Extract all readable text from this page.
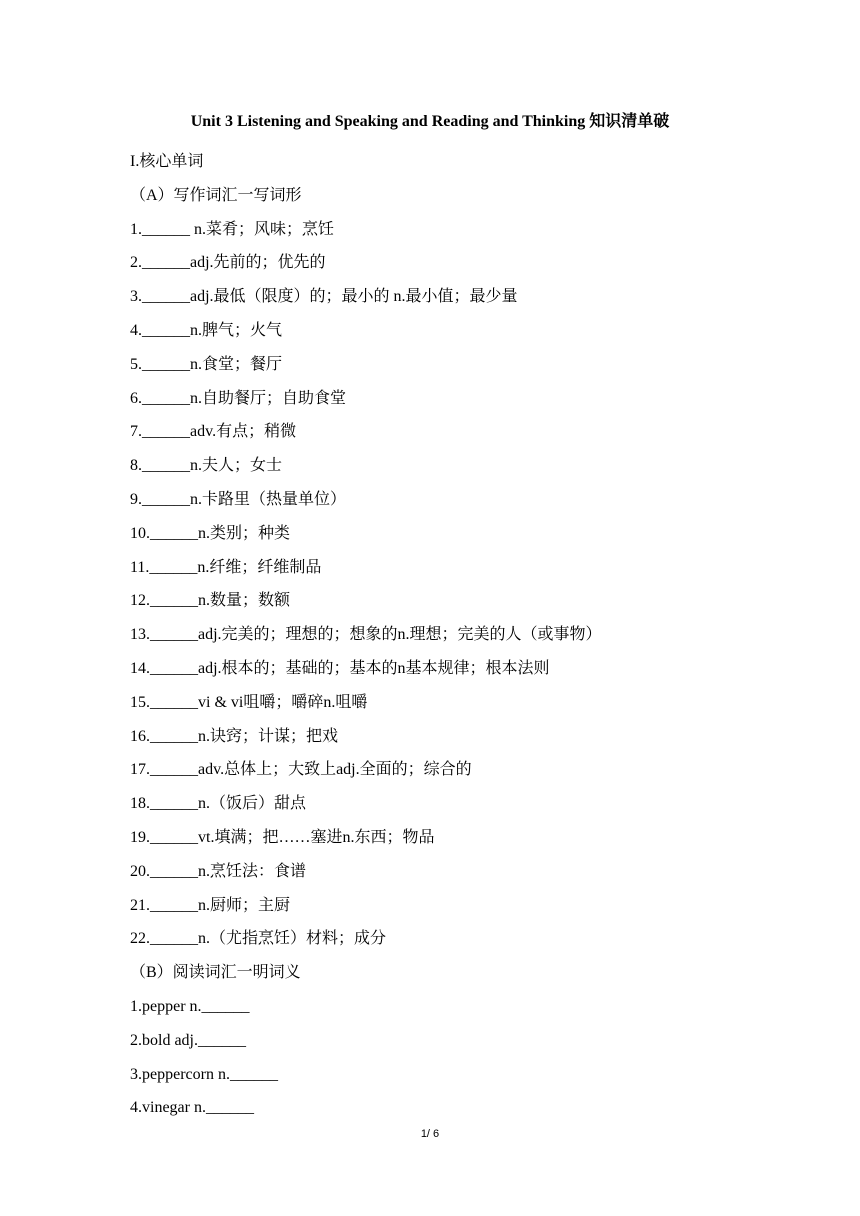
Unit 3 Listening and Speaking and Reading and Thinking 知识清单破
I.核心单词
（A）写作词汇一写词形
1.______ n.菜肴；风味；烹饪
2.______adj.先前的；优先的
3.______adj.最低（限度）的；最小的 n.最小值；最少量
4.______n.脾气；火气
5.______n.食堂；餐厅
6.______n.自助餐厅；自助食堂
7.______adv.有点；稍微
8.______n.夫人；女士
9.______n.卡路里（热量单位）
10.______n.类别；种类
11.______n.纤维；纤维制品
12.______n.数量；数额
13.______adj.完美的；理想的；想象的n.理想；完美的人（或事物）
14.______adj.根本的；基础的；基本的n基本规律；根本法则
15.______vi & vi咀嚼；嚼碎n.咀嚼
16.______n.诀窍；计谋；把戏
17.______adv.总体上；大致上adj.全面的；综合的
18.______n.（饭后）甜点
19.______vt.填满；把……塞进n.东西；物品
20.______n.烹饪法：食谱
21.______n.厨师；主厨
22.______n.（尤指烹饪）材料；成分
（B）阅读词汇一明词义
1.pepper n.______
2.bold adj.______
3.peppercorn n.______
4.vinegar n.______
1/ 6
